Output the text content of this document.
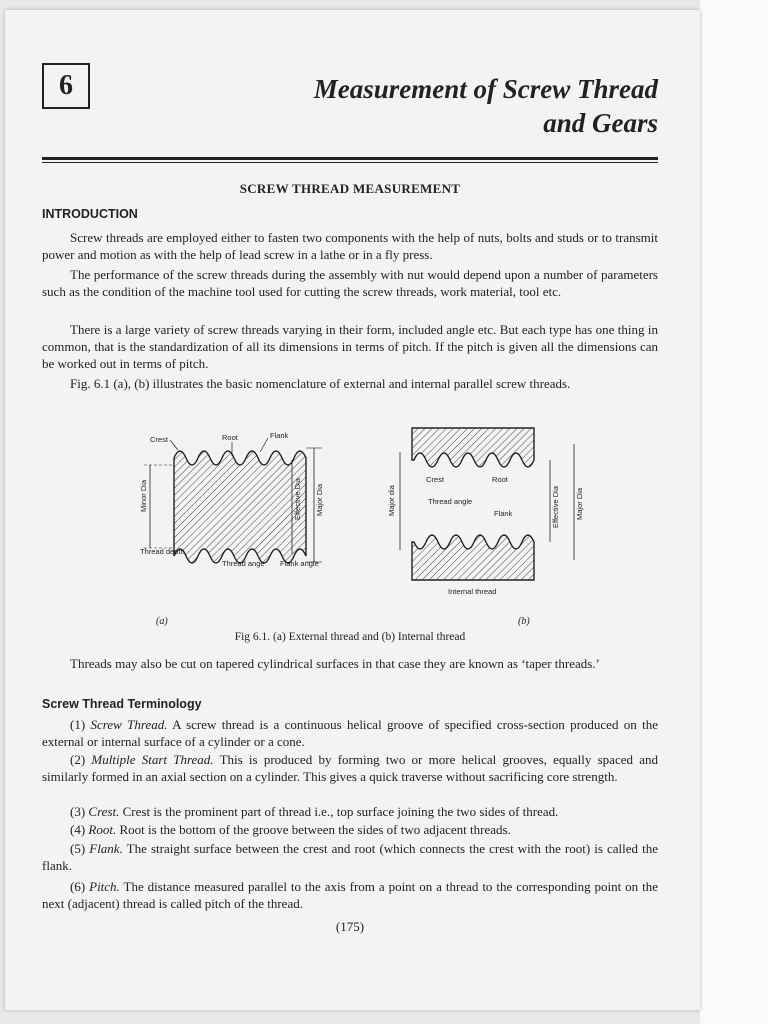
6	Measurement of Screw Thread
and Gears
SCREW THREAD MEASUREMENT
INTRODUCTION
Screw threads are employed either to fasten two components with the help of nuts, bolts and studs or to transmit power and motion as with the help of lead screw in a lathe or in a fly press.
The performance of the screw threads during the assembly with nut would depend upon a number of parameters such as the condition of the machine tool used for cutting the screw threads, work material, tool etc.
There is a large variety of screw threads varying in their form, included angle etc. But each type has one thing in common, that is the standardization of all its dimensions in terms of pitch. If the pitch is given all the dimensions can be worked out in terms of pitch.
Fig. 6.1 (a), (b) illustrates the basic nomenclature of external and internal parallel screw threads.
Minor Dia	Effective Dia Major Dia
Crest	Root	Flank
Thread depth
Thread ange Flank angle
(a)
Major dia
Crest	Root
Thread angle
Flank	Effective Dia Major Dia
Internal thread
(b)
Fig 6.1. (a) External thread and (b) Internal thread
Threads may also be cut on tapered cylindrical surfaces in that case they are known as ‘taper threads.’
Screw Thread Terminology
(1) Screw Thread. A screw thread is a continuous helical groove of specified cross-section produced on the external or internal surface of a cylinder or a cone.
(2) Multiple Start Thread. This is produced by forming two or more helical grooves, equally spaced and similarly formed in an axial section on a cylinder. This gives a quick traverse without sacrificing core strength.
(3) Crest. Crest is the prominent part of thread i.e., top surface joining the two sides of thread.
(4) Root. Root is the bottom of the groove between the sides of two adjacent threads.
(5) Flank. The straight surface between the crest and root (which connects the crest with the root) is called the flank.
(6) Pitch. The distance measured parallel to the axis from a point on a thread to the corresponding point on the next (adjacent) thread is called pitch of the thread.
(175)
